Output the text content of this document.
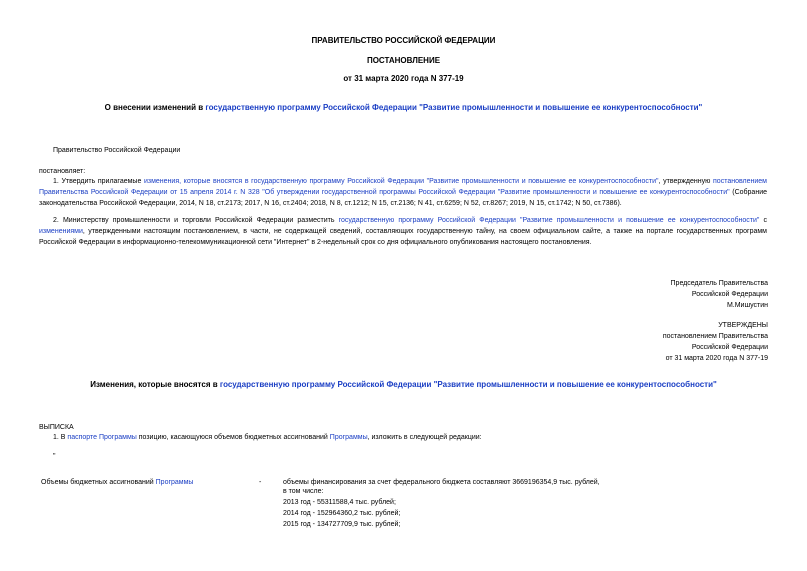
ПРАВИТЕЛЬСТВО РОССИЙСКОЙ ФЕДЕРАЦИИ
ПОСТАНОВЛЕНИЕ
от 31 марта 2020 года N 377-19
О внесении изменений в государственную программу Российской Федерации "Развитие промышленности и повышение ее конкурентоспособности"
Правительство Российской Федерации
постановляет:
1. Утвердить прилагаемые изменения, которые вносятся в государственную программу Российской Федерации "Развитие промышленности и повышение ее конкурентоспособности", утвержденную постановлением Правительства Российской Федерации от 15 апреля 2014 г. N 328 "Об утверждении государственной программы Российской Федерации "Развитие промышленности и повышение ее конкурентоспособности" (Собрание законодательства Российской Федерации, 2014, N 18, ст.2173; 2017, N 16, ст.2404; 2018, N 8, ст.1212; N 15, ст.2136; N 41, ст.6259; N 52, ст.8267; 2019, N 15, ст.1742; N 50, ст.7386).
2. Министерству промышленности и торговли Российской Федерации разместить государственную программу Российской Федерации "Развитие промышленности и повышение ее конкурентоспособности" с изменениями, утвержденными настоящим постановлением, в части, не содержащей сведений, составляющих государственную тайну, на своем официальном сайте, а также на портале государственных программ Российской Федерации в информационно-телекоммуникационной сети "Интернет" в 2-недельный срок со дня официального опубликования настоящего постановления.
Председатель Правительства
Российской Федерации
М.Мишустин
УТВЕРЖДЕНЫ
постановлением Правительства
Российской Федерации
от 31 марта 2020 года N 377-19
Изменения, которые вносятся в государственную программу Российской Федерации "Развитие промышленности и повышение ее конкурентоспособности"
ВЫПИСКА
1. В паспорте Программы позицию, касающуюся объемов бюджетных ассигнований Программы, изложить в следующей редакции:
"
Объемы бюджетных ассигнований Программы	-	объемы финансирования за счет федерального бюджета составляют 3669196354,9 тыс. рублей,
в том числе:
2013 год - 55311588,4 тыс. рублей;
2014 год - 152964360,2 тыс. рублей;
2015 год - 134727709,9 тыс. рублей;
